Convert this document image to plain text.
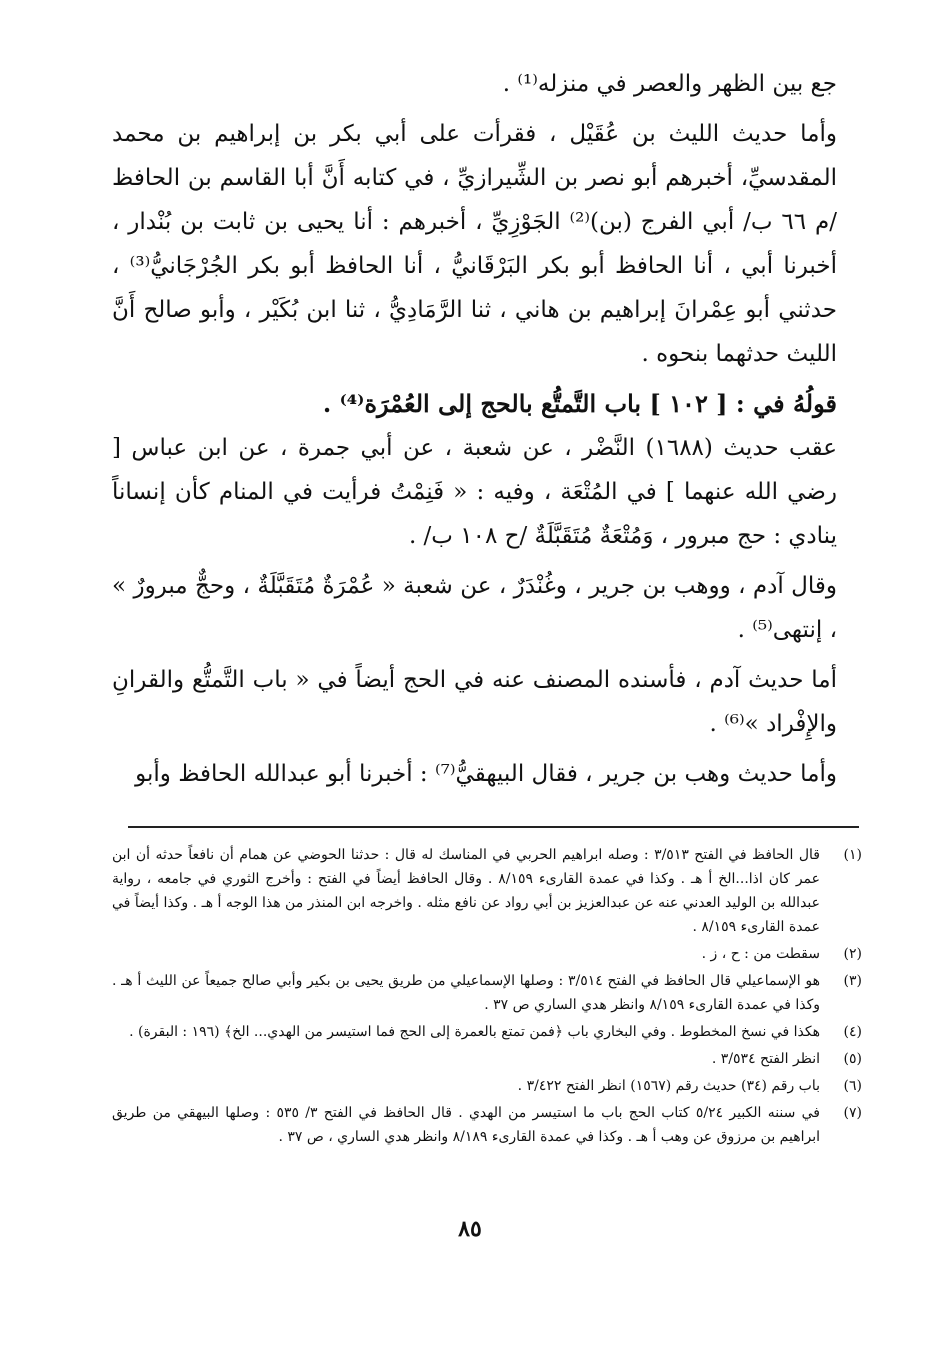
جع بين الظهر والعصر في منزله⁽¹⁾ .

وأما حديث الليث بن عُقَيْل ، فقرأت على أبي بكر بن إبراهيم بن محمد المقدسيِّ، أخبرهم أبو نصر بن الشِّيرازيِّ ، في كتابه أَنَّ أبا القاسم بن الحافظ /م ٦٦ ب/ أبي الفرج (بن)⁽²⁾ الجَوْزِيِّ ، أخبرهم : أنا يحيى بن ثابت بن بُنْدار ، أخبرنا أبي ، أنا الحافظ أبو بكر البَرْقَانيُّ ، أنا الحافظ أبو بكر الجُرْجَانيُّ⁽³⁾ ، حدثني أبو عِمْرانَ إبراهيم بن هاني ، ثنا الرَّمَادِيُّ ، ثنا ابن بُكَيْر ، وأبو صالح أَنَّ الليث حدثهما بنحوه .

قولُهُ في : [ ١٠٢ ] باب التَّمتُّع بالحج إلى العُمْرَة⁽⁴⁾ .

عقب حديث (١٦٨٨) النَّضْر ، عن شعبة ، عن أبي جمرة ، عن ابن عباس [ رضي الله عنهما ] في المُتْعَة ، وفيه : « فَنِمْتُ فرأيت في المنام كأن إنساناً ينادي : حج مبرور ، وَمُتْعَةٌ مُتَقَبَّلَةٌ /ح ١٠٨ ب/ .

وقال آدم ، ووهب بن جرير ، وغُنْدَرٌ ، عن شعبة « عُمْرَةٌ مُتَقَبَّلَةٌ ، وحجٌّ مبرورٌ » ، إنتهى⁽⁵⁾ .

أما حديث آدم ، فأسنده المصنف عنه في الحج أيضاً في « باب التَّمتُّع والقرانِ والإِفْراد »⁽⁶⁾ .

وأما حديث وهب بن جرير ، فقال البيهقيُّ⁽⁷⁾ : أخبرنا أبو عبدالله الحافظ وأبو

(١)
قال الحافظ في الفتح ٣/٥١٣ : وصله ابراهيم الحربي في المناسك له قال : حدثنا الحوضي عن همام أن نافعاً حدثه أن ابن عمر كان اذا...الخ أ هـ . وكذا في عمدة القارىء ٨/١٥٩ . وقال الحافظ أيضاً في الفتح : وأخرج الثوري في جامعه ، رواية عبدالله بن الوليد العدني عنه عن عبدالعزيز بن أبي رواد عن نافع مثله . واخرجه ابن المنذر من هذا الوجه أ هـ . وكذا أيضاً في عمدة القارىء ٨/١٥٩ .
(٢)
سقطت من : ح ، ز .
(٣)
هو الإسماعيلي قال الحافظ في الفتح ٣/٥١٤ : وصلها الإسماعيلي من طريق يحيى بن بكير وأبي صالح جميعاً عن الليث أ هـ . وكذا في عمدة القارىء ٨/١٥٩ وانظر هدي الساري ص ٣٧ .
(٤)
هكذا في نسخ المخطوط . وفي البخاري باب ﴿فمن تمتع بالعمرة إلى الحج فما استيسر من الهدي... الخ﴾ (١٩٦ : البقرة) .
(٥)
انظر الفتح ٣/٥٣٤ .
(٦)
باب رقم (٣٤) حديث رقم (١٥٦٧) انظر الفتح ٣/٤٢٢ .
(٧)
في سننه الكبير ٥/٢٤ كتاب الحج باب ما استيسر من الهدي . قال الحافظ في الفتح ٣/ ٥٣٥ : وصلها البيهقي من طريق ابراهيم بن مرزوق عن وهب أ هـ . وكذا في عمدة القارىء ٨/١٨٩ وانظر هدي الساري ، ص ٣٧ .
٨٥
